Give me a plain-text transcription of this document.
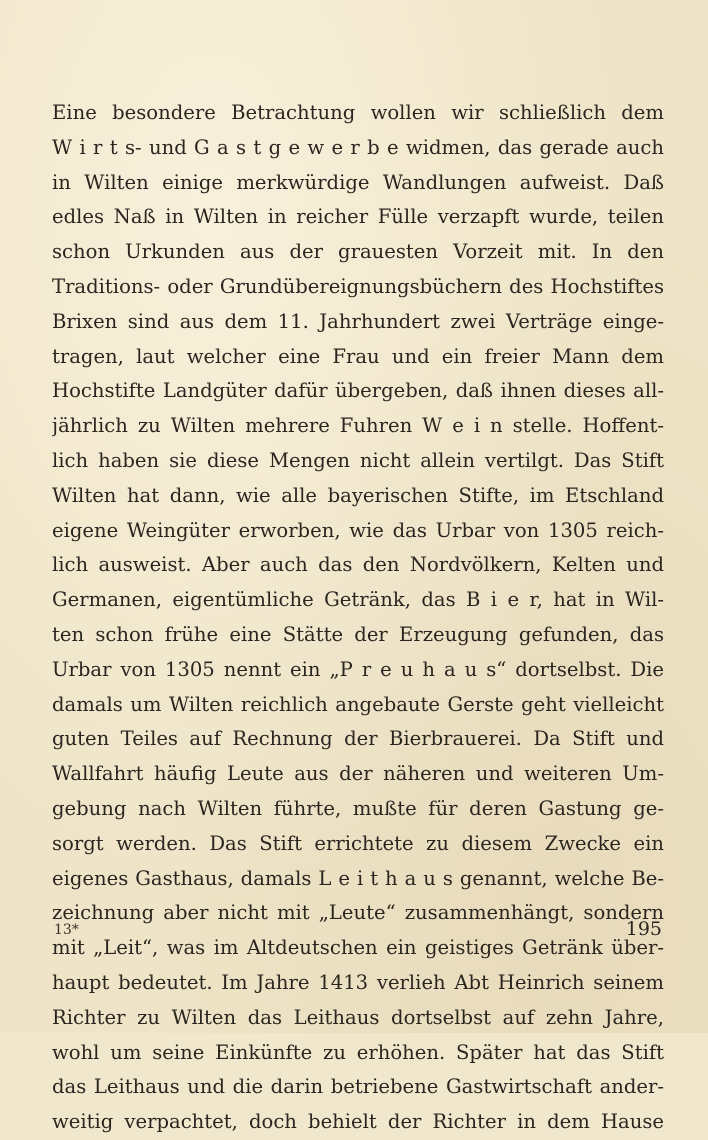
Eine besondere Betrachtung wollen wir schließlich dem
W i r t s- und G a s t g e w e r b e widmen, das gerade auch
in Wilten einige merkwürdige Wandlungen aufweist. Daß
edles Naß in Wilten in reicher Fülle verzapft wurde, teilen
schon Urkunden aus der grauesten Vorzeit mit. In den
Traditions- oder Grundübereignungsbüchern des Hochstiftes
Brixen sind aus dem 11. Jahrhundert zwei Verträge einge-
tragen, laut welcher eine Frau und ein freier Mann dem
Hochstifte Landgüter dafür übergeben, daß ihnen dieses all-
jährlich zu Wilten mehrere Fuhren W e i n stelle. Hoffent-
lich haben sie diese Mengen nicht allein vertilgt. Das Stift
Wilten hat dann, wie alle bayerischen Stifte, im Etschland
eigene Weingüter erworben, wie das Urbar von 1305 reich-
lich ausweist. Aber auch das den Nordvölkern, Kelten und
Germanen, eigentümliche Getränk, das B i e r, hat in Wil-
ten schon frühe eine Stätte der Erzeugung gefunden, das
Urbar von 1305 nennt ein „P r e u h a u s“ dortselbst. Die
damals um Wilten reichlich angebaute Gerste geht vielleicht
guten Teiles auf Rechnung der Bierbrauerei. Da Stift und
Wallfahrt häufig Leute aus der näheren und weiteren Um-
gebung nach Wilten führte, mußte für deren Gastung ge-
sorgt werden. Das Stift errichtete zu diesem Zwecke ein
eigenes Gasthaus, damals L e i t h a u s genannt, welche Be-
zeichnung aber nicht mit „Leute“ zusammenhängt, sondern
mit „Leit“, was im Altdeutschen ein geistiges Getränk über-
haupt bedeutet. Im Jahre 1413 verlieh Abt Heinrich seinem
Richter zu Wilten das Leithaus dortselbst auf zehn Jahre,
wohl um seine Einkünfte zu erhöhen. Später hat das Stift
das Leithaus und die darin betriebene Gastwirtschaft ander-
weitig verpachtet, doch behielt der Richter in dem Hause
13*	195
